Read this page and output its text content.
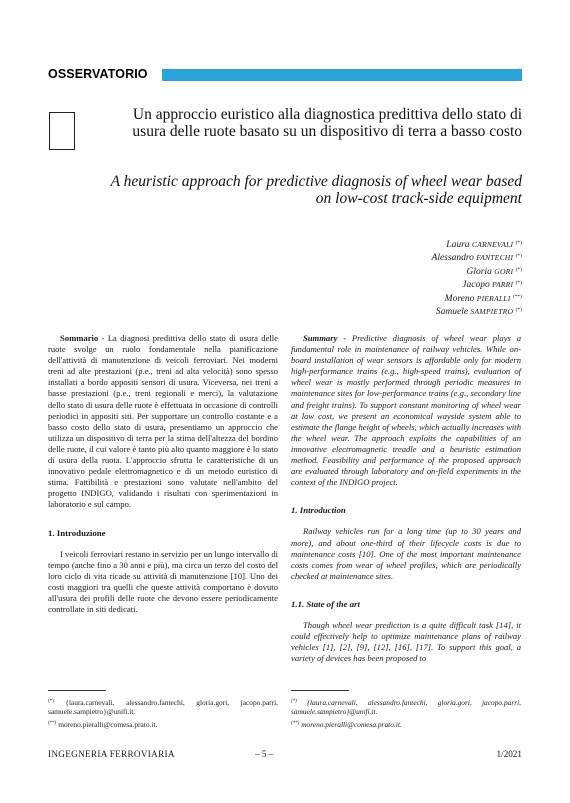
OSSERVATORIO
Un approccio euristico alla diagnostica predittiva dello stato di usura delle ruote basato su un dispositivo di terra a basso costo
A heuristic approach for predictive diagnosis of wheel wear based on low-cost track-side equipment
Laura CARNEVALI (*)
Alessandro FANTECHI (*)
Gloria GORI (*)
Jacopo PARRI (*)
Moreno PIERALLI (**)
Samuele SAMPIETRO (*)

Sommario - La diagnosi predittiva dello stato di usura delle ruote svolge un ruolo fondamentale nella pianificazione dell'attività di manutenzione di veicoli ferroviari. Nei moderni treni ad alte prestazioni (p.e., treni ad alta velocità) sono spesso installati a bordo appositi sensori di usura. Viceversa, nei treni a basse prestazioni (p.e., treni regionali e merci), la valutazione dello stato di usura delle ruote è effettuata in occasione di controlli periodici in appositi siti. Per supportare un controllo costante e a basso costo dello stato di usura, presentiamo un approccio che utilizza un dispositivo di terra per la stima dell'altezza del bordino delle ruote, il cui valore è tanto più alto quanto maggiore è lo stato di usura della ruota. L'approccio sfrutta le caratteristiche di un innovativo pedale elettromagnetico e di un metodo euristico di stima. Fattibilità e prestazioni sono valutate nell'ambito del progetto INDIGO, validando i risultati con sperimentazioni in laboratorio e sul campo.

1. Introduzione

I veicoli ferroviari restano in servizio per un lungo intervallo di tempo (anche fino a 30 anni e più), ma circa un terzo del costo del loro ciclo di vita ricade su attività di manutenzione [10]. Uno dei costi maggiori tra quelli che queste attività comportano è dovuto all'usura dei profili delle ruote che devono essere periodicamente controllate in siti dedicati.

Summary - Predictive diagnosis of wheel wear plays a fundamental role in maintenance of railway vehicles. While on-board installation of wear sensors is affordable only for modern high-performance trains (e.g., high-speed trains), evaluation of wheel wear is mostly performed through periodic measures in maintenance sites for low-performance trains (e.g., secondary line and freight trains). To support constant monitoring of wheel wear at low cost, we present an economical wayside system able to estimate the flange height of wheels, which actually increases with the wheel wear. The approach exploits the capabilities of an innovative electromagnetic treadle and a heuristic estimation method. Feasibility and performance of the proposed approach are evaluated through laboratory and on-field experiments in the context of the INDIGO project.

1. Introduction

Railway vehicles run for a long time (up to 30 years and more), and about one-third of their lifecycle costs is due to maintenance costs [10]. One of the most important maintenance costs comes from wear of wheel profiles, which are periodically checked at maintenance sites.

1.1. State of the art

Though wheel wear prediction is a quite difficult task [14], it could effectively help to optimize maintenance plans of railway vehicles [1], [2], [9], [12], [16], [17]. To support this goal, a variety of devices has been proposed to

(*) {laura.carnevali, alessandro.fantechi, gloria.gori, jacopo.parri, samuele.sampietro}@unifi.it.
(**) moreno.pieralli@comesa.prato.it.
(*) {laura.carnevali, alessandro.fantechi, gloria.gori, jacopo.parri, samuele.sampietro}@unifi.it.
(**) moreno.pieralli@comesa.prato.it.
INGEGNERIA FERROVIARIA	– 5 –	1/2021
